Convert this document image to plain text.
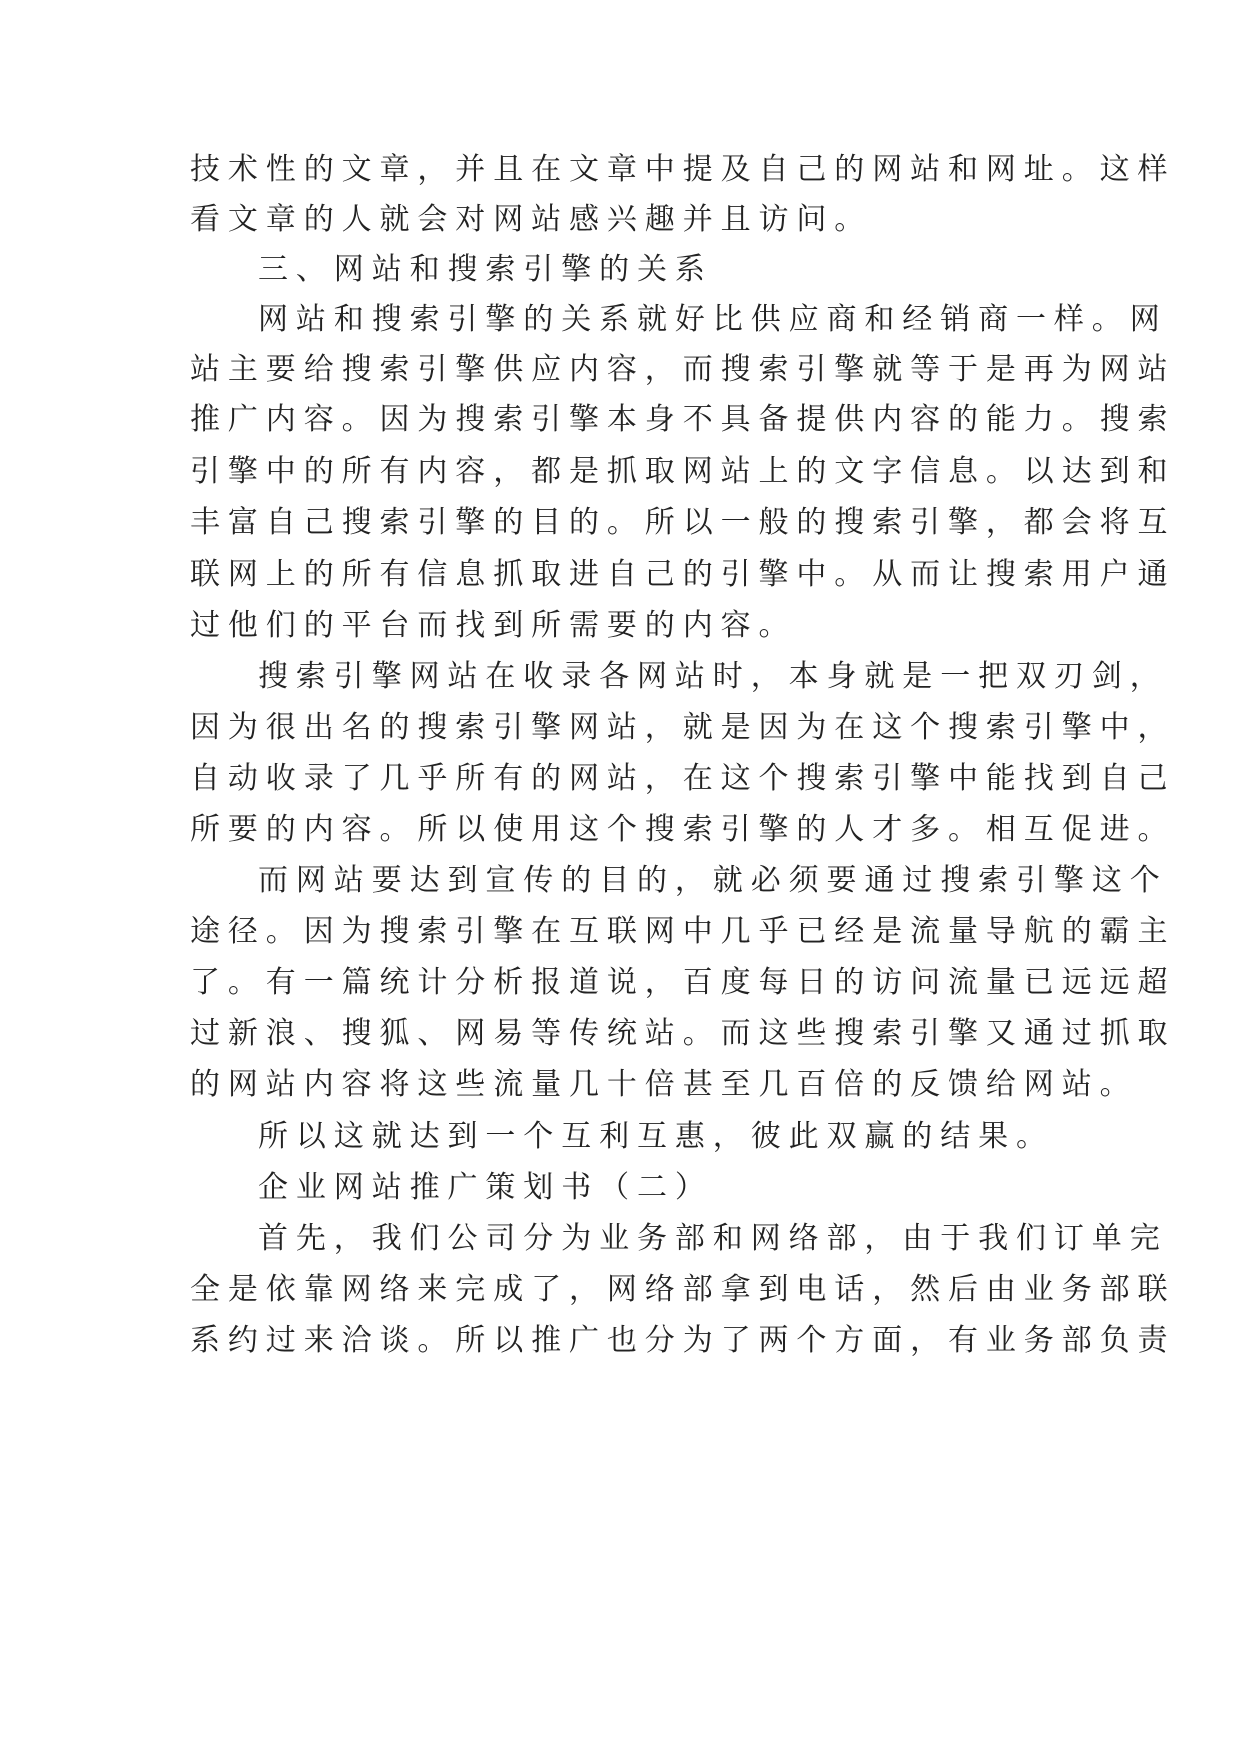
技术性的文章，并且在文章中提及自己的网站和网址。这样
看文章的人就会对网站感兴趣并且访问。
三、网站和搜索引擎的关系
网站和搜索引擎的关系就好比供应商和经销商一样。网
站主要给搜索引擎供应内容，而搜索引擎就等于是再为网站
推广内容。因为搜索引擎本身不具备提供内容的能力。搜索
引擎中的所有内容，都是抓取网站上的文字信息。以达到和
丰富自己搜索引擎的目的。所以一般的搜索引擎，都会将互
联网上的所有信息抓取进自己的引擎中。从而让搜索用户通
过他们的平台而找到所需要的内容。
搜索引擎网站在收录各网站时，本身就是一把双刃剑，
因为很出名的搜索引擎网站，就是因为在这个搜索引擎中，
自动收录了几乎所有的网站，在这个搜索引擎中能找到自己
所要的内容。所以使用这个搜索引擎的人才多。相互促进。
而网站要达到宣传的目的，就必须要通过搜索引擎这个
途径。因为搜索引擎在互联网中几乎已经是流量导航的霸主
了。有一篇统计分析报道说，百度每日的访问流量已远远超
过新浪、搜狐、网易等传统站。而这些搜索引擎又通过抓取
的网站内容将这些流量几十倍甚至几百倍的反馈给网站。
所以这就达到一个互利互惠，彼此双赢的结果。
企业网站推广策划书（二）
首先，我们公司分为业务部和网络部，由于我们订单完
全是依靠网络来完成了，网络部拿到电话，然后由业务部联
系约过来洽谈。所以推广也分为了两个方面，有业务部负责
